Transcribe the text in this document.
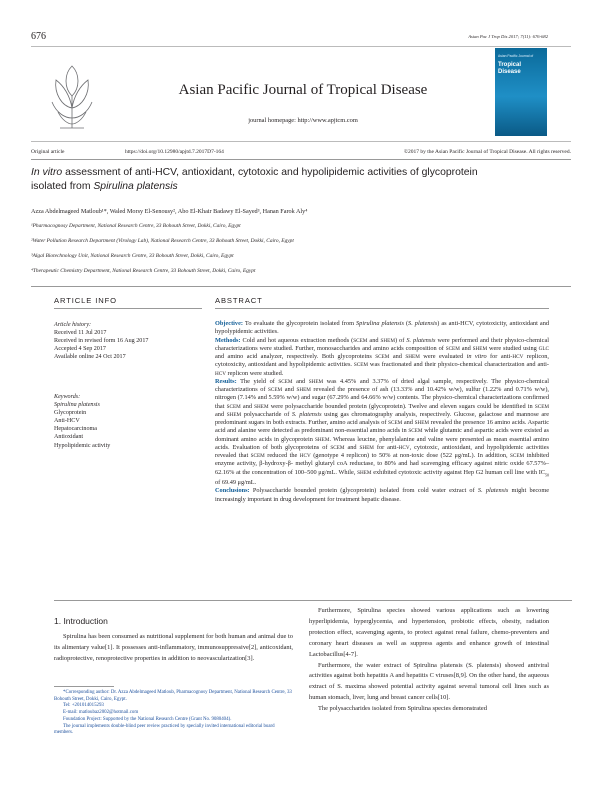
676	Asian Pac J Trop Dis 2017; 7(11): 676-682
Asian Pacific Journal of Tropical Disease
journal homepage: http://www.apjtcm.com
Asian Pacific Journal of
Tropical Disease
Original article	https://doi.org/10.12980/apjtd.7.2017D7-164	©2017 by the Asian Pacific Journal of Tropical Disease. All rights reserved.
In vitro assessment of anti-HCV, antioxidant, cytotoxic and hypolipidemic activities of glycoprotein
isolated from Spirulina platensis
Azza Abdelmageed Matloub¹*, Waled Morsy El-Senousy², Abo El-Khair Badawy El-Sayed³, Hanan Farok Aly⁴
¹Pharmacognosy Department, National Research Centre, 33 Bohouth Street, Dokki, Cairo, Egypt
²Water Pollution Research Department (Virology Lab), National Research Centre, 33 Bohouth Street, Dokki, Cairo, Egypt
³Algal Biotechnology Unit, National Research Centre, 33 Bohouth Street, Dokki, Cairo, Egypt
⁴Therapeutic Chemistry Department, National Research Centre, 33 Bohouth Street, Dokki, Cairo, Egypt
ARTICLE INFO
Article history:
Received 11 Jul 2017
Received in revised form 16 Aug 2017
Accepted 4 Sep 2017
Available online 24 Oct 2017
Keywords:
Spirulina platensis
Glycoprotein
Anti-HCV
Hepatocarcinoma
Antioxidant
Hypolipidemic activity
ABSTRACT

Objective: To evaluate the glycoprotein isolated from Spirulina platensis (S. platensis) as anti-HCV, cytotoxicity, antioxidant and hypolypidemic activities.

Methods: Cold and hot aqueous extraction methods (SCEM and SHEM) of S. platensis were performed and their physico-chemical characterizations were studied. Further, monosaccharides and amino acids composition of SCEM and SHEM were studied using GLC and amino acid analyzer, respectively. Both glycoproteins SCEM and SHEM were evaluated in vitro for anti-HCV replicon, cytotoxicity, antioxidant and hypolipidemic activities. SCEM was fractionated and their physico-chemical characterization and anti-HCV replicon were studied.

Results: The yield of SCEM and SHEM was 4.45% and 3.37% of dried algal sample, respectively. The physico-chemical characterizations of SCEM and SHEM revealed the presence of ash (13.33% and 10.42% w/w), sulfur (1.22% and 0.71% w/w), nitrogen (7.14% and 5.59% w/w) and sugar (67.29% and 64.66% w/w) contents. The physico-chemical characterizations confirmed that SCEM and SHEM were polysaccharide bounded protein (glycoprotein). Twelve and eleven sugars could be identified in SCEM and SHEM polysaccharide of S. platensis using gas chromatography analysis, respectively. Glucose, galactose and mannose are predominant sugars in both extracts. Further, amino acid analysis of SCEM and SHEM revealed the presence 16 amino acids. Aspartic acid and alanine were detected as predominant non-essential amino acids in SCEM while glutamic and aspartic acids were existed as dominant amino acids in glycoprotein SHEM. Whereas leucine, phenylalanine and valine were presented as mean essential amino acids. Evaluation of both glycoproteins of SCEM and SHEM for anti-HCV, cytotoxic, antioxidant, and hypolipidemic activities revealed that SCEM reduced the HCV (genotype 4 replicon) to 50% at non-toxic dose (522 μg/mL). In addition, SCEM inhibited enzyme activity, β-hydroxy-β- methyl glutaryl coA reductase, to 80% and had scavenging efficacy against nitric oxide 67.57%–62.16% at the concentration of 100–500 μg/mL. While, SHEM exhibited cytotoxic activity against Hep G2 human cell line with $IC_{50}$ of 69.49 μg/mL.

Conclusions: Polysaccharide bounded protein (glycoprotein) isolated from cold water extract of S. platensis might become increasingly important in drug development for treatment hepatic disease.

1. Introduction

Spirulina has been consumed as nutritional supplement for both human and animal due to its alimentary value[1]. It possesses anti-inflammatory, immunosuppressive[2], anticoxidant, radioprotective, renoprotective properties in addition to neovascularization[3].

*Corresponding author: Dr. Azza Abdelmageed Matloub, Pharmacognosy Department, National Research Centre, 33 Bohouth Street, Dokki, Cairo, Egypt.
Tel: +201014015293
E-mail: matloubaz2002@hotmail.com
Foundation Project: Supported by the National Research Centre (Grant No. 9080404).
The journal implements double-blind peer review practiced by specially invited international editorial board members.

Furthermore, Spirulina species showed various applications such as lowering hyperlipidemia, hyperglycemia, and hypertension, probiotic effects, obesity, radiation protection effect, scavenging agents, to protect against renal failure, chemo-preventers and coronary heart diseases as well as suppress agents and enhance growth of intestinal Lactobacillus[4-7].

Furthermore, the water extract of Spirulina platensis (S. platensis) showed antiviral activities against both hepatitis A and hepatitis C viruses[8,9]. On the other hand, the aqueous extract of S. maxima showed potential activity against several tumoral cell lines such as human stomach, liver, lung and breast cancer cells[10].

The polysaccharides isolated from Spirulina species demonstrated
